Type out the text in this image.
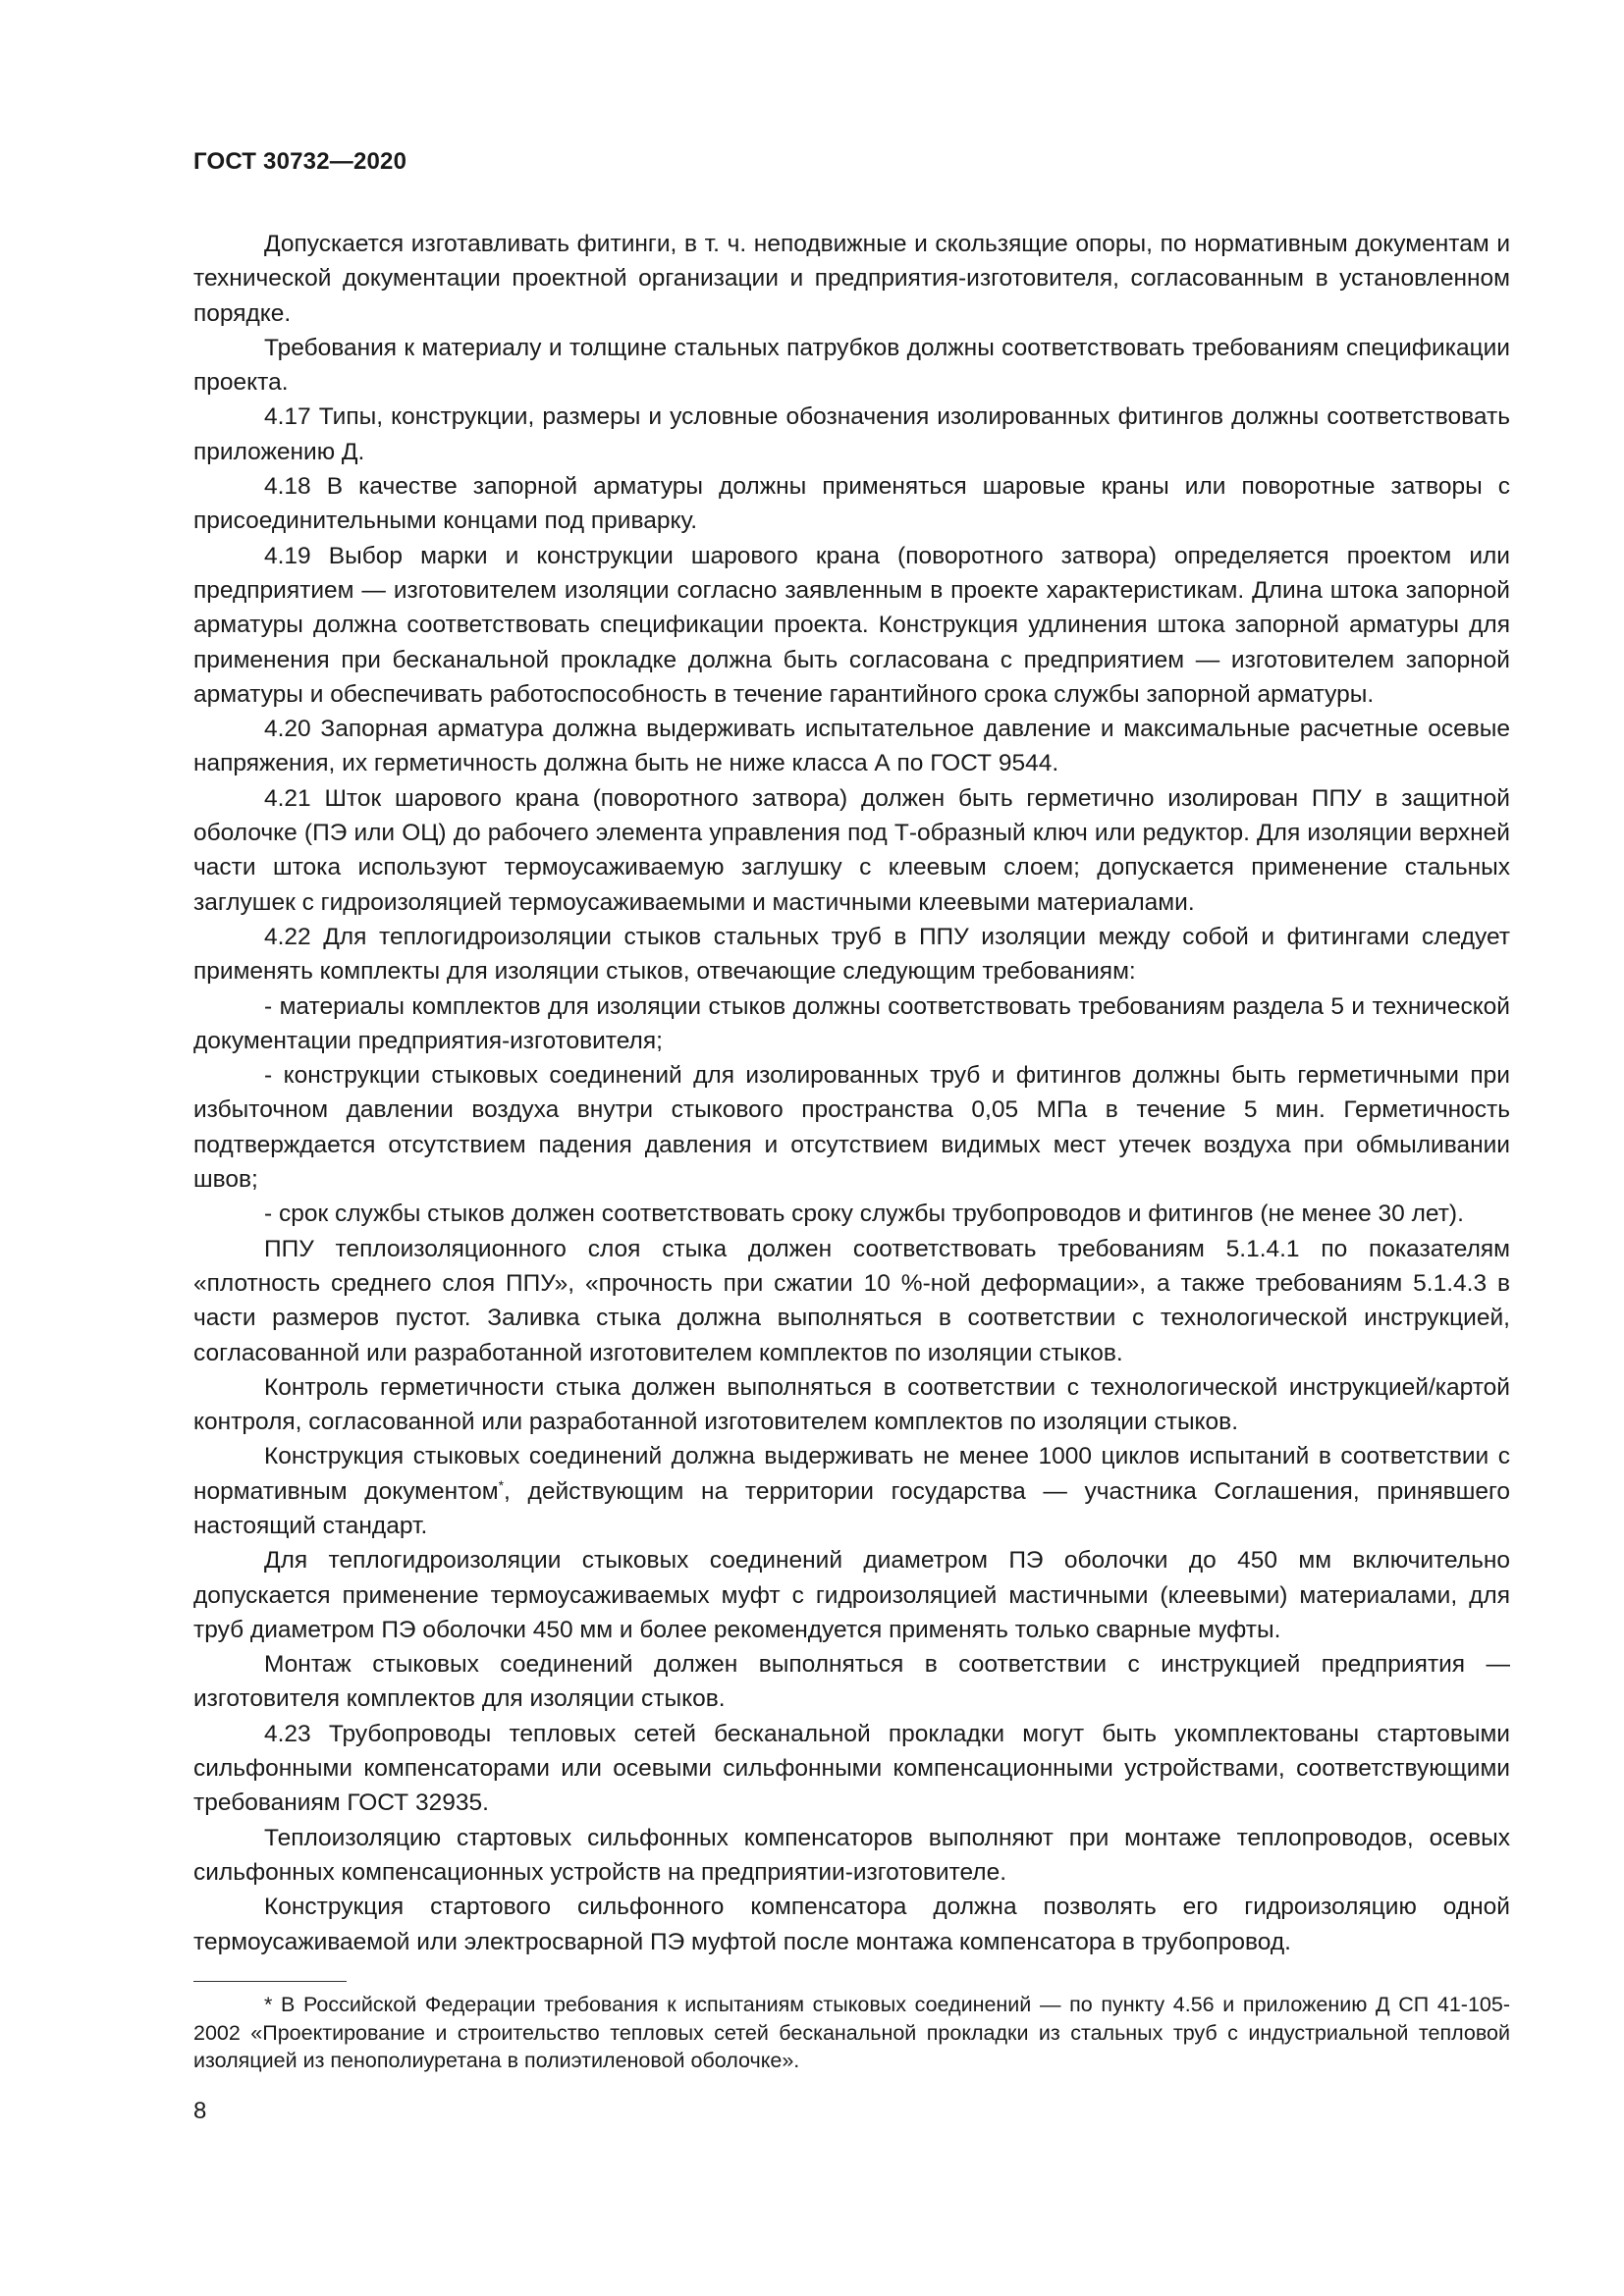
ГОСТ 30732—2020

Допускается изготавливать фитинги, в т. ч. неподвижные и скользящие опоры, по нормативным документам и технической документации проектной организации и предприятия-изготовителя, согласованным в установленном порядке.

Требования к материалу и толщине стальных патрубков должны соответствовать требованиям спецификации проекта.

4.17 Типы, конструкции, размеры и условные обозначения изолированных фитингов должны соответствовать приложению Д.

4.18 В качестве запорной арматуры должны применяться шаровые краны или поворотные затворы с присоединительными концами под приварку.

4.19 Выбор марки и конструкции шарового крана (поворотного затвора) определяется проектом или предприятием — изготовителем изоляции согласно заявленным в проекте характеристикам. Длина штока запорной арматуры должна соответствовать спецификации проекта. Конструкция удлинения штока запорной арматуры для применения при бесканальной прокладке должна быть согласована с предприятием — изготовителем запорной арматуры и обеспечивать работоспособность в течение гарантийного срока службы запорной арматуры.

4.20 Запорная арматура должна выдерживать испытательное давление и максимальные расчетные осевые напряжения, их герметичность должна быть не ниже класса А по ГОСТ 9544.

4.21 Шток шарового крана (поворотного затвора) должен быть герметично изолирован ППУ в защитной оболочке (ПЭ или ОЦ) до рабочего элемента управления под Т-образный ключ или редуктор. Для изоляции верхней части штока используют термоусаживаемую заглушку с клеевым слоем; допускается применение стальных заглушек с гидроизоляцией термоусаживаемыми и мастичными клеевыми материалами.

4.22 Для теплогидроизоляции стыков стальных труб в ППУ изоляции между собой и фитингами следует применять комплекты для изоляции стыков, отвечающие следующим требованиям:

- материалы комплектов для изоляции стыков должны соответствовать требованиям раздела 5 и технической документации предприятия-изготовителя;

- конструкции стыковых соединений для изолированных труб и фитингов должны быть герметичными при избыточном давлении воздуха внутри стыкового пространства 0,05 МПа в течение 5 мин. Герметичность подтверждается отсутствием падения давления и отсутствием видимых мест утечек воздуха при обмыливании швов;

- срок службы стыков должен соответствовать сроку службы трубопроводов и фитингов (не менее 30 лет).

ППУ теплоизоляционного слоя стыка должен соответствовать требованиям 5.1.4.1 по показателям «плотность среднего слоя ППУ», «прочность при сжатии 10 %-ной деформации», а также требованиям 5.1.4.3 в части размеров пустот. Заливка стыка должна выполняться в соответствии с технологической инструкцией, согласованной или разработанной изготовителем комплектов по изоляции стыков.

Контроль герметичности стыка должен выполняться в соответствии с технологической инструкцией/картой контроля, согласованной или разработанной изготовителем комплектов по изоляции стыков.

Конструкция стыковых соединений должна выдерживать не менее 1000 циклов испытаний в соответствии с нормативным документом*, действующим на территории государства — участника Соглашения, принявшего настоящий стандарт.

Для теплогидроизоляции стыковых соединений диаметром ПЭ оболочки до 450 мм включительно допускается применение термоусаживаемых муфт с гидроизоляцией мастичными (клеевыми) материалами, для труб диаметром ПЭ оболочки 450 мм и более рекомендуется применять только сварные муфты.

Монтаж стыковых соединений должен выполняться в соответствии с инструкцией предприятия — изготовителя комплектов для изоляции стыков.

4.23 Трубопроводы тепловых сетей бесканальной прокладки могут быть укомплектованы стартовыми сильфонными компенсаторами или осевыми сильфонными компенсационными устройствами, соответствующими требованиям ГОСТ 32935.

Теплоизоляцию стартовых сильфонных компенсаторов выполняют при монтаже теплопроводов, осевых сильфонных компенсационных устройств на предприятии-изготовителе.

Конструкция стартового сильфонного компенсатора должна позволять его гидроизоляцию одной термоусаживаемой или электросварной ПЭ муфтой после монтажа компенсатора в трубопровод.

* В Российской Федерации требования к испытаниям стыковых соединений — по пункту 4.56 и приложению Д СП 41-105-2002 «Проектирование и строительство тепловых сетей бесканальной прокладки из стальных труб с индустриальной тепловой изоляцией из пенополиуретана в полиэтиленовой оболочке».

8
